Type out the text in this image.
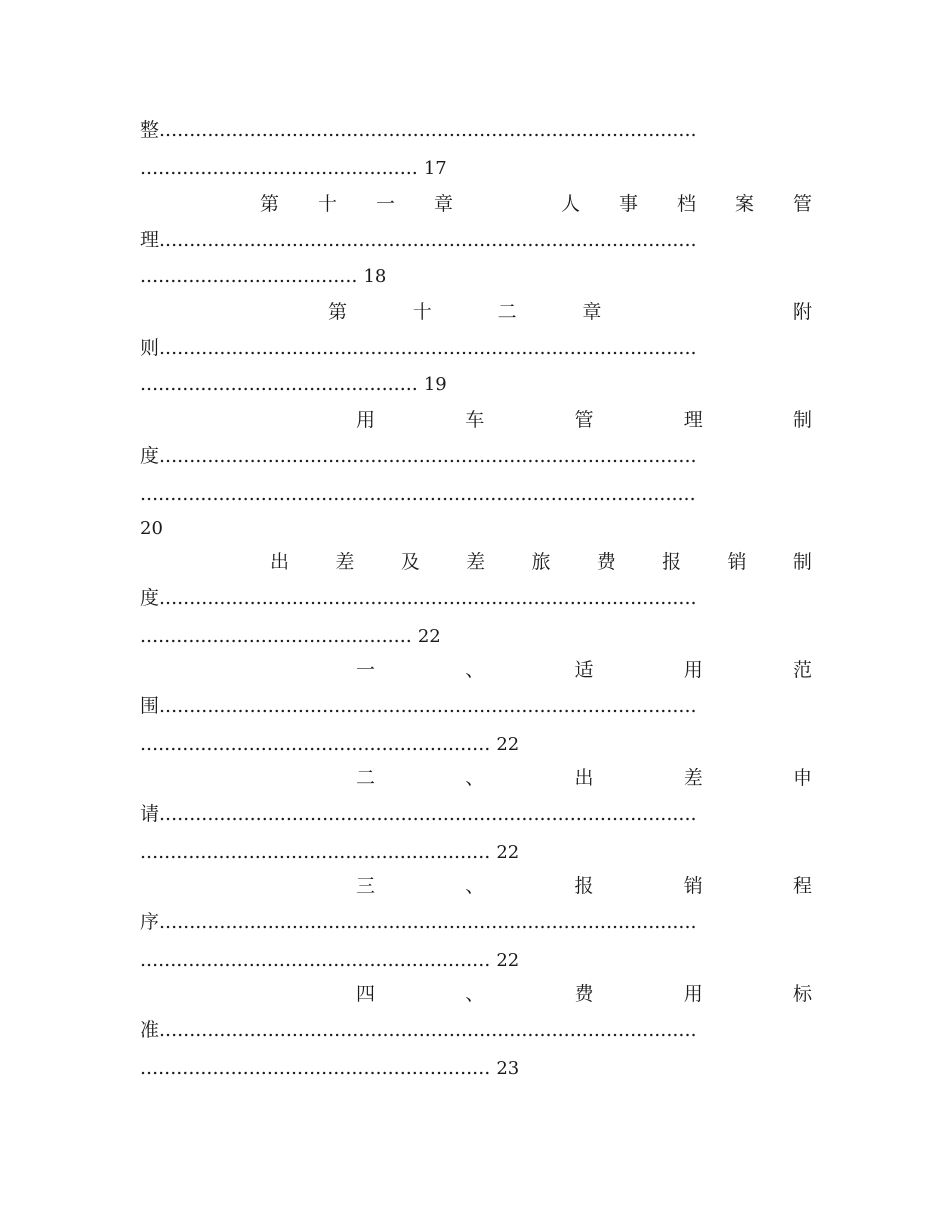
整.........................................................................................
.............................................. 17
第 十 一 章	人 事 档 案 管
理.........................................................................................
.................................... 18
第	十	二	章	附
则.........................................................................................
.............................................. 19
用	车	管	理	制
度.........................................................................................
............................................................................................
20
出 差 及 差 旅 费 报 销 制
度.........................................................................................
............................................. 22
一	、	适	用	范
围.........................................................................................
.......................................................... 22
二	、	出	差	申
请.........................................................................................
.......................................................... 22
三	、	报	销	程
序.........................................................................................
.......................................................... 22
四	、	费	用	标
准.........................................................................................
.......................................................... 23
